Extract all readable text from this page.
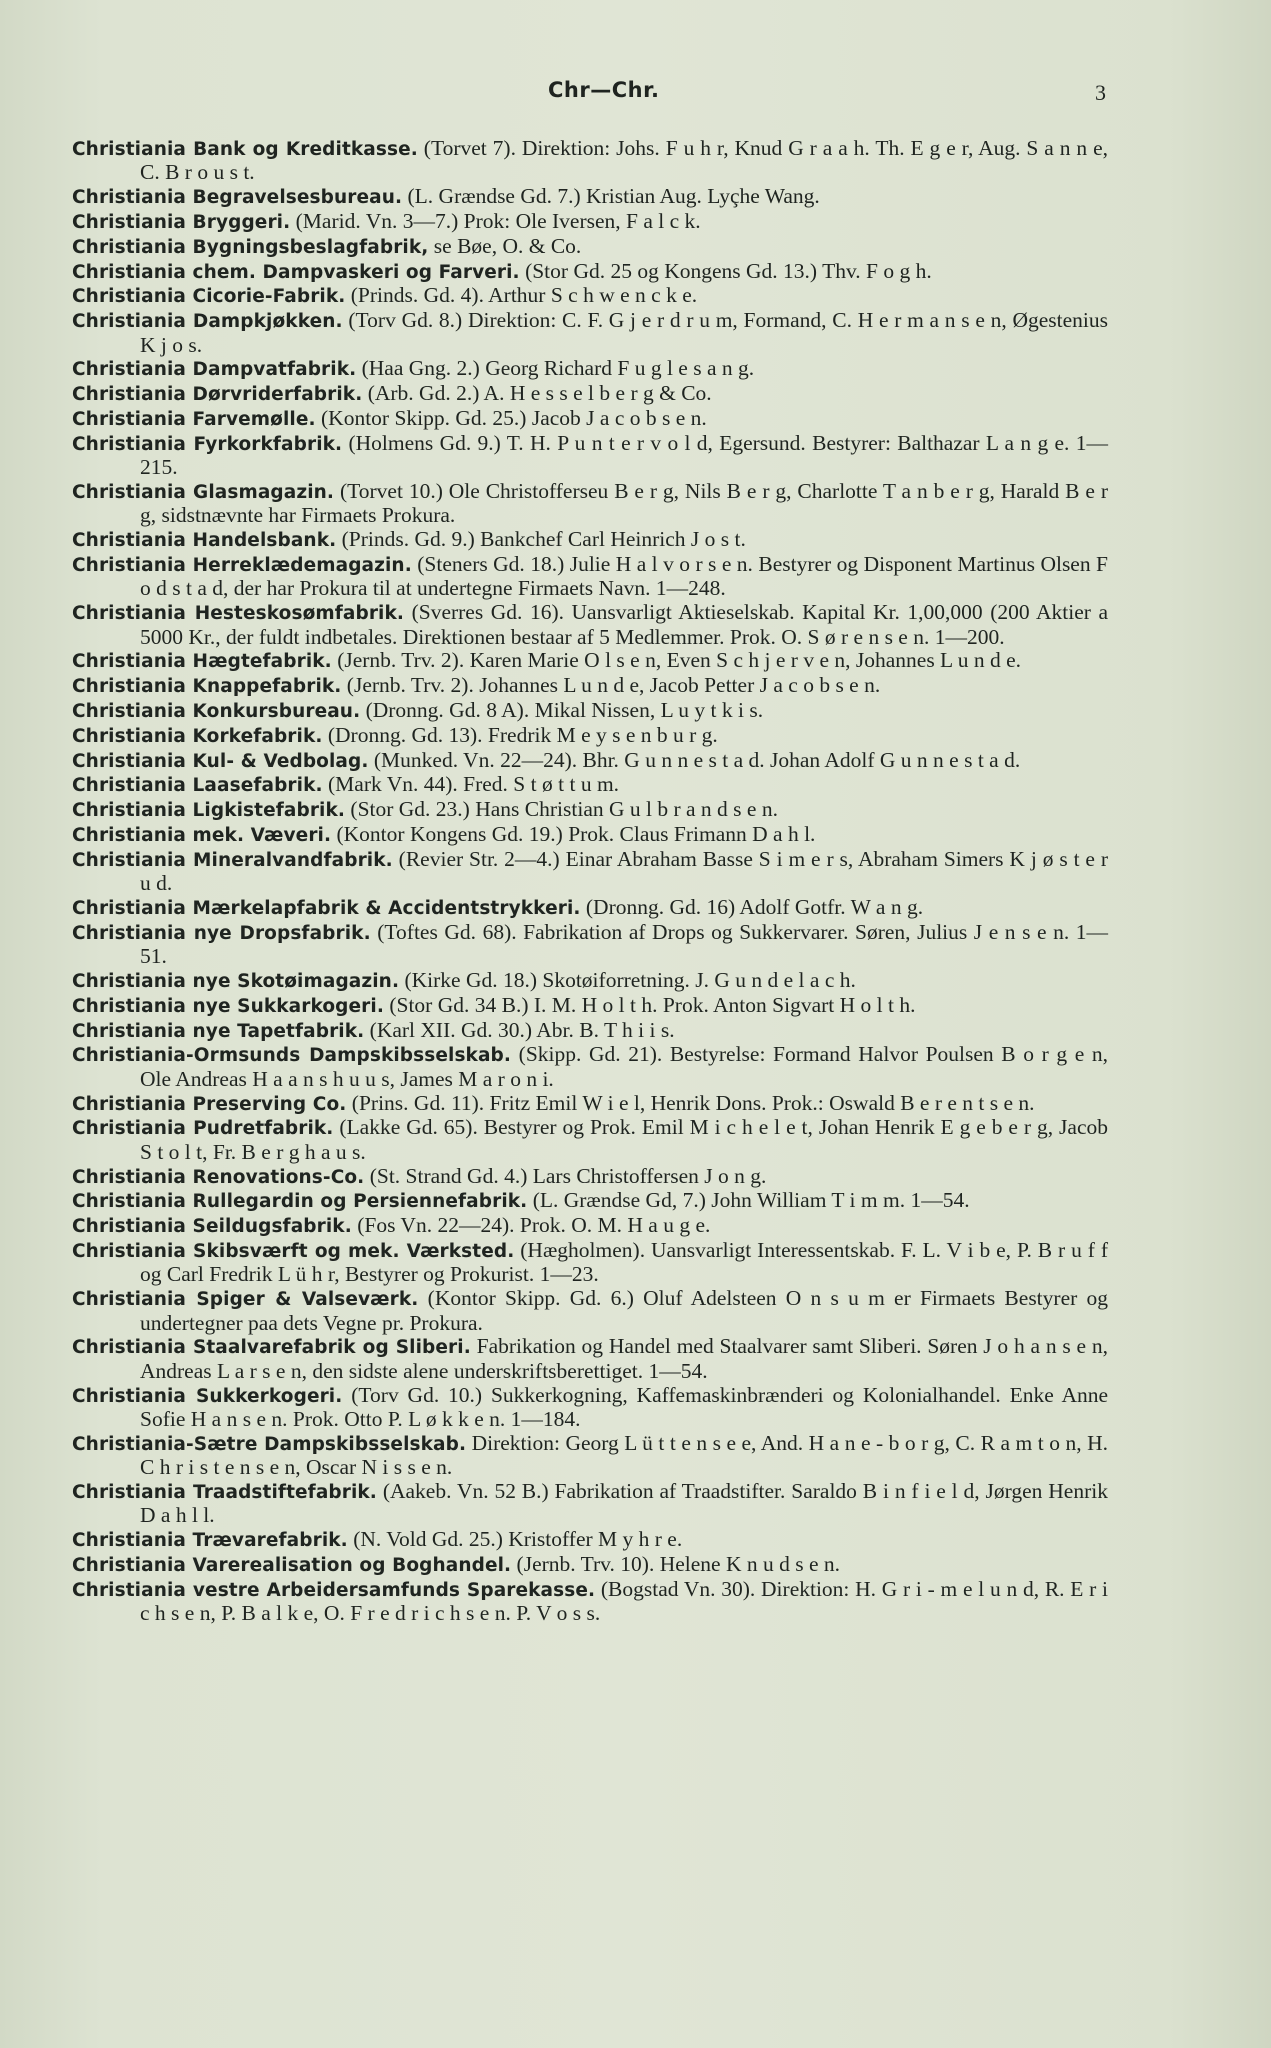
Chr—Chr.	3

Christiania Bank og Kreditkasse. (Torvet 7). Direktion: Johs. F u h r, Knud G r a a h. Th. E g e r, Aug. S a n n e, C. B r o u s t.

Christiania Begravelsesbureau. (L. Grændse Gd. 7.) Kristian Aug. Lyçhe Wang.

Christiania Bryggeri. (Marid. Vn. 3—7.) Prok: Ole Iversen, F a l c k.

Christiania Bygningsbeslagfabrik, se Bøe, O. & Co.

Christiania chem. Dampvaskeri og Farveri. (Stor Gd. 25 og Kongens Gd. 13.) Thv. F o g h.

Christiania Cicorie-Fabrik. (Prinds. Gd. 4). Arthur S c h w e n c k e.

Christiania Dampkjøkken. (Torv Gd. 8.) Direktion: C. F. G j e r d r u m, Formand, C. H e r m a n s e n, Øgestenius K j o s.

Christiania Dampvatfabrik. (Haa Gng. 2.) Georg Richard F u g l e s a n g.

Christiania Dørvriderfabrik. (Arb. Gd. 2.) A. H e s s e l b e r g & Co.

Christiania Farvemølle. (Kontor Skipp. Gd. 25.) Jacob J a c o b s e n.

Christiania Fyrkorkfabrik. (Holmens Gd. 9.) T. H. P u n t e r v o l d, Egersund. Bestyrer: Balthazar L a n g e. 1—215.

Christiania Glasmagazin. (Torvet 10.) Ole Christofferseu B e r g, Nils B e r g, Charlotte T a n b e r g, Harald B e r g, sidstnævnte har Firmaets Prokura.

Christiania Handelsbank. (Prinds. Gd. 9.) Bankchef Carl Heinrich J o s t.

Christiania Herreklædemagazin. (Steners Gd. 18.) Julie H a l v o r s e n. Bestyrer og Disponent Martinus Olsen F o d s t a d, der har Prokura til at undertegne Firmaets Navn. 1—248.

Christiania Hesteskosømfabrik. (Sverres Gd. 16). Uansvarligt Aktieselskab. Kapital Kr. 1,00,000 (200 Aktier a 5000 Kr., der fuldt indbetales. Direktionen bestaar af 5 Medlemmer. Prok. O. S ø r e n s e n. 1—200.

Christiania Hægtefabrik. (Jernb. Trv. 2). Karen Marie O l s e n, Even S c h j e r v e n, Johannes L u n d e.

Christiania Knappefabrik. (Jernb. Trv. 2). Johannes L u n d e, Jacob Petter J a c o b s e n.

Christiania Konkursbureau. (Dronng. Gd. 8 A). Mikal Nissen, L u y t k i s.

Christiania Korkefabrik. (Dronng. Gd. 13). Fredrik M e y s e n b u r g.

Christiania Kul- & Vedbolag. (Munked. Vn. 22—24). Bhr. G u n n e s t a d. Johan Adolf G u n n e s t a d.

Christiania Laasefabrik. (Mark Vn. 44). Fred. S t ø t t u m.

Christiania Ligkistefabrik. (Stor Gd. 23.) Hans Christian G u l b r a n d s e n.

Christiania mek. Væveri. (Kontor Kongens Gd. 19.) Prok. Claus Frimann D a h l.

Christiania Mineralvandfabrik. (Revier Str. 2—4.) Einar Abraham Basse S i m e r s, Abraham Simers K j ø s t e r u d.

Christiania Mærkelapfabrik & Accidentstrykkeri. (Dronng. Gd. 16) Adolf Gotfr. W a n g.

Christiania nye Dropsfabrik. (Toftes Gd. 68). Fabrikation af Drops og Sukkervarer. Søren, Julius J e n s e n. 1—51.

Christiania nye Skotøimagazin. (Kirke Gd. 18.) Skotøiforretning. J. G u n d e l a c h.

Christiania nye Sukkarkogeri. (Stor Gd. 34 B.) I. M. H o l t h. Prok. Anton Sigvart H o l t h.

Christiania nye Tapetfabrik. (Karl XII. Gd. 30.) Abr. B. T h i i s.

Christiania-Ormsunds Dampskibsselskab. (Skipp. Gd. 21). Bestyrelse: Formand Halvor Poulsen B o r g e n, Ole Andreas H a a n s h u u s, James M a r o n i.

Christiania Preserving Co. (Prins. Gd. 11). Fritz Emil W i e l, Henrik Dons. Prok.: Oswald B e r e n t s e n.

Christiania Pudretfabrik. (Lakke Gd. 65). Bestyrer og Prok. Emil M i c h e l e t, Johan Henrik E g e b e r g, Jacob S t o l t, Fr. B e r g h a u s.

Christiania Renovations-Co. (St. Strand Gd. 4.) Lars Christoffersen J o n g.

Christiania Rullegardin og Persiennefabrik. (L. Grændse Gd, 7.) John William T i m m. 1—54.

Christiania Seildugsfabrik. (Fos Vn. 22—24). Prok. O. M. H a u g e.

Christiania Skibsværft og mek. Værksted. (Hægholmen). Uansvarligt Interessentskab. F. L. V i b e, P. B r u f f og Carl Fredrik L ü h r, Bestyrer og Prokurist. 1—23.

Christiania Spiger & Valseværk. (Kontor Skipp. Gd. 6.) Oluf Adelsteen O n s u m er Firmaets Bestyrer og undertegner paa dets Vegne pr. Prokura.

Christiania Staalvarefabrik og Sliberi. Fabrikation og Handel med Staalvarer samt Sliberi. Søren J o h a n s e n, Andreas L a r s e n, den sidste alene underskriftsberettiget. 1—54.

Christiania Sukkerkogeri. (Torv Gd. 10.) Sukkerkogning, Kaffemaskinbrænderi og Kolonialhandel. Enke Anne Sofie H a n s e n. Prok. Otto P. L ø k k e n. 1—184.

Christiania-Sætre Dampskibsselskab. Direktion: Georg L ü t t e n s e e, And. H a n e - b o r g, C. R a m t o n, H. C h r i s t e n s e n, Oscar N i s s e n.

Christiania Traadstiftefabrik. (Aakeb. Vn. 52 B.) Fabrikation af Traadstifter. Saraldo B i n f i e l d, Jørgen Henrik D a h l l.

Christiania Trævarefabrik. (N. Vold Gd. 25.) Kristoffer M y h r e.

Christiania Varerealisation og Boghandel. (Jernb. Trv. 10). Helene K n u d s e n.

Christiania vestre Arbeidersamfunds Sparekasse. (Bogstad Vn. 30). Direktion: H. G r i - m e l u n d, R. E r i c h s e n, P. B a l k e, O. F r e d r i c h s e n. P. V o s s.
